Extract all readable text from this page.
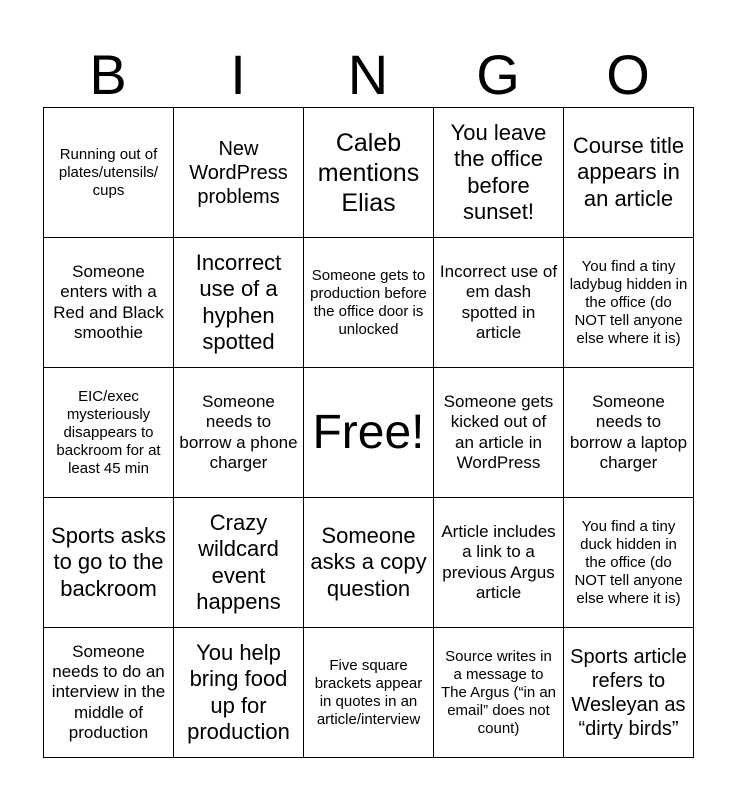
B	I	N	G	O
Running out of plates/utensils/ cups	New WordPress problems	Caleb mentions Elias	You leave the office before sunset!	Course title appears in an article
Someone enters with a Red and Black smoothie	Incorrect use of a hyphen spotted	Someone gets to production before the office door is unlocked	Incorrect use of em dash spotted in article	You find a tiny ladybug hidden in the office (do NOT tell anyone else where it is)
EIC/exec mysteriously disappears to backroom for at least 45 min	Someone needs to borrow a phone charger	Free!	Someone gets kicked out of an article in WordPress	Someone needs to borrow a laptop charger
Sports asks to go to the backroom	Crazy wildcard event happens	Someone asks a copy question	Article includes a link to a previous Argus article	You find a tiny duck hidden in the office (do NOT tell anyone else where it is)
Someone needs to do an interview in the middle of production	You help bring food up for production	Five square brackets appear in quotes in an article/interview	Source writes in a message to The Argus (“in an email” does not count)	Sports article refers to Wesleyan as “dirty birds”
